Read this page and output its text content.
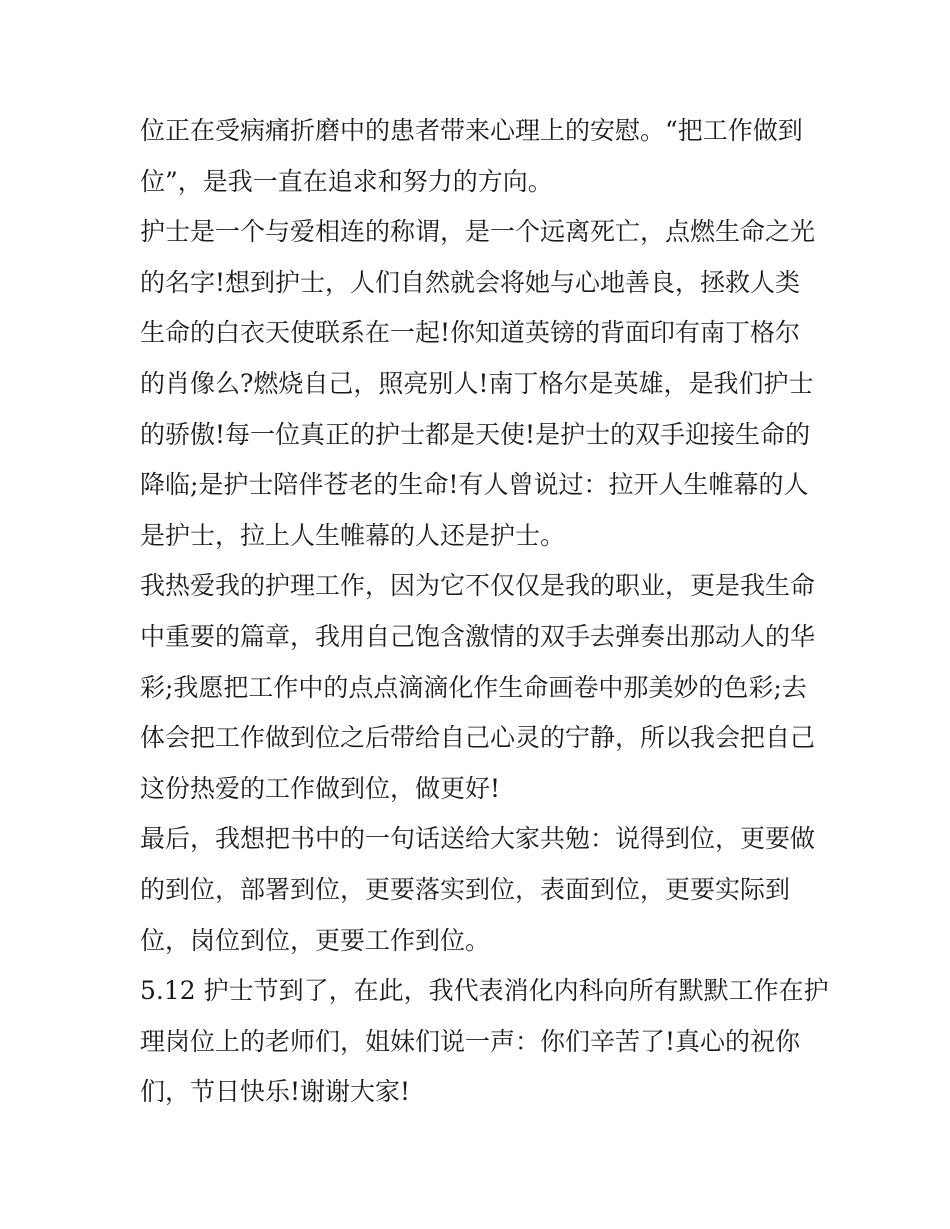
位正在受病痛折磨中的患者带来心理上的安慰。“把工作做到
位”，是我一直在追求和努力的方向。

护士是一个与爱相连的称谓，是一个远离死亡，点燃生命之光
的名字!想到护士，人们自然就会将她与心地善良，拯救人类
生命的白衣天使联系在一起!你知道英镑的背面印有南丁格尔
的肖像么?燃烧自己，照亮别人!南丁格尔是英雄，是我们护士
的骄傲!每一位真正的护士都是天使!是护士的双手迎接生命的
降临;是护士陪伴苍老的生命!有人曾说过：拉开人生帷幕的人
是护士，拉上人生帷幕的人还是护士。

我热爱我的护理工作，因为它不仅仅是我的职业，更是我生命
中重要的篇章，我用自己饱含激情的双手去弹奏出那动人的华
彩;我愿把工作中的点点滴滴化作生命画卷中那美妙的色彩;去
体会把工作做到位之后带给自己心灵的宁静，所以我会把自己
这份热爱的工作做到位，做更好!

最后，我想把书中的一句话送给大家共勉：说得到位，更要做
的到位，部署到位，更要落实到位，表面到位，更要实际到
位，岗位到位，更要工作到位。

5.12 护士节到了，在此，我代表消化内科向所有默默工作在护
理岗位上的老师们，姐妹们说一声：你们辛苦了!真心的祝你
们，节日快乐!谢谢大家!
